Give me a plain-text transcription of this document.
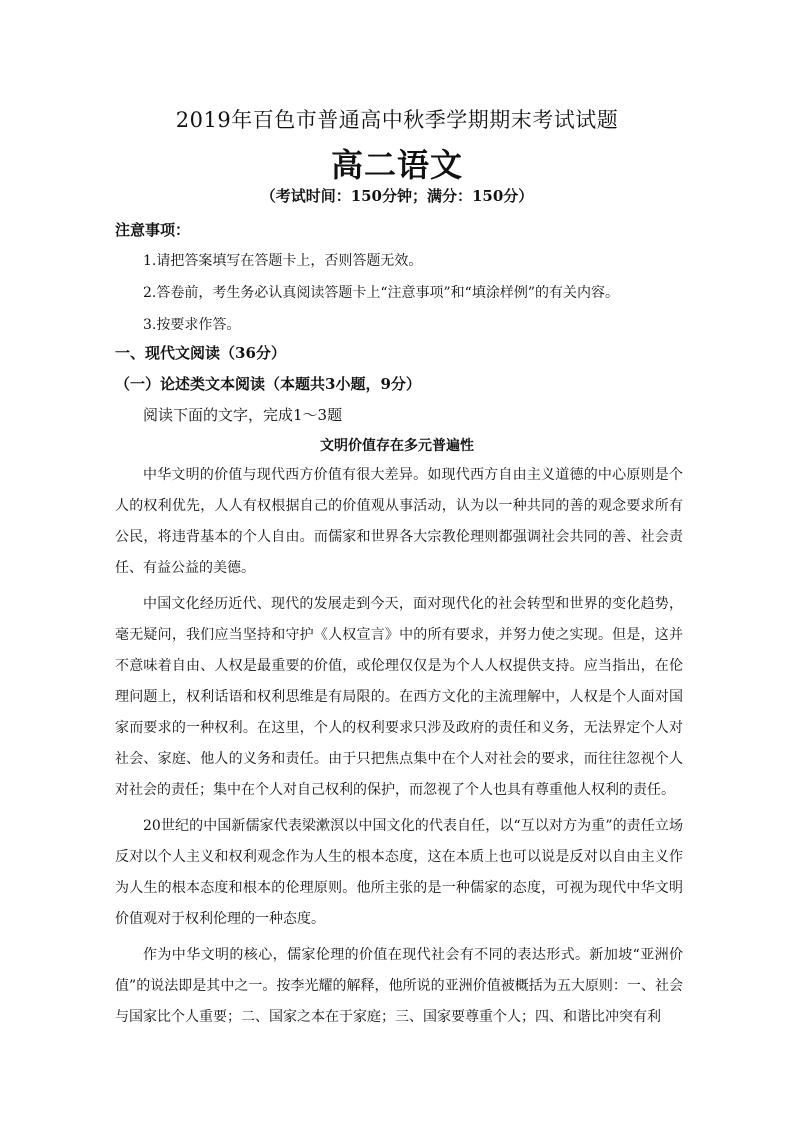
2019年百色市普通高中秋季学期期末考试试题
高二语文
（考试时间：150分钟；满分：150分）
注意事项：
1.请把答案填写在答题卡上，否则答题无效。
2.答卷前，考生务必认真阅读答题卡上“注意事项”和“填涂样例”的有关内容。
3.按要求作答。
一、现代文阅读（36分）
（一）论述类文本阅读（本题共3小题，9分）
阅读下面的文字，完成1～3题
文明价值存在多元普遍性

中华文明的价值与现代西方价值有很大差异。如现代西方自由主义道德的中心原则是个人的权利优先，人人有权根据自己的价值观从事活动，认为以一种共同的善的观念要求所有公民，将违背基本的个人自由。而儒家和世界各大宗教伦理则都强调社会共同的善、社会责任、有益公益的美德。

中国文化经历近代、现代的发展走到今天，面对现代化的社会转型和世界的变化趋势，毫无疑问，我们应当坚持和守护《人权宣言》中的所有要求，并努力使之实现。但是，这并不意味着自由、人权是最重要的价值，或伦理仅仅是为个人人权提供支持。应当指出，在伦理问题上，权利话语和权利思维是有局限的。在西方文化的主流理解中，人权是个人面对国家而要求的一种权利。在这里，个人的权利要求只涉及政府的责任和义务，无法界定个人对社会、家庭、他人的义务和责任。由于只把焦点集中在个人对社会的要求，而往往忽视个人对社会的责任；集中在个人对自己权利的保护，而忽视了个人也具有尊重他人权利的责任。

20世纪的中国新儒家代表梁漱溟以中国文化的代表自任，以“互以对方为重”的责任立场反对以个人主义和权利观念作为人生的根本态度，这在本质上也可以说是反对以自由主义作为人生的根本态度和根本的伦理原则。他所主张的是一种儒家的态度，可视为现代中华文明价值观对于权利伦理的一种态度。

作为中华文明的核心，儒家伦理的价值在现代社会有不同的表达形式。新加坡“亚洲价值”的说法即是其中之一。按李光耀的解释，他所说的亚洲价值被概括为五大原则：一、社会与国家比个人重要；二、国家之本在于家庭；三、国家要尊重个人；四、和谐比冲突有利
